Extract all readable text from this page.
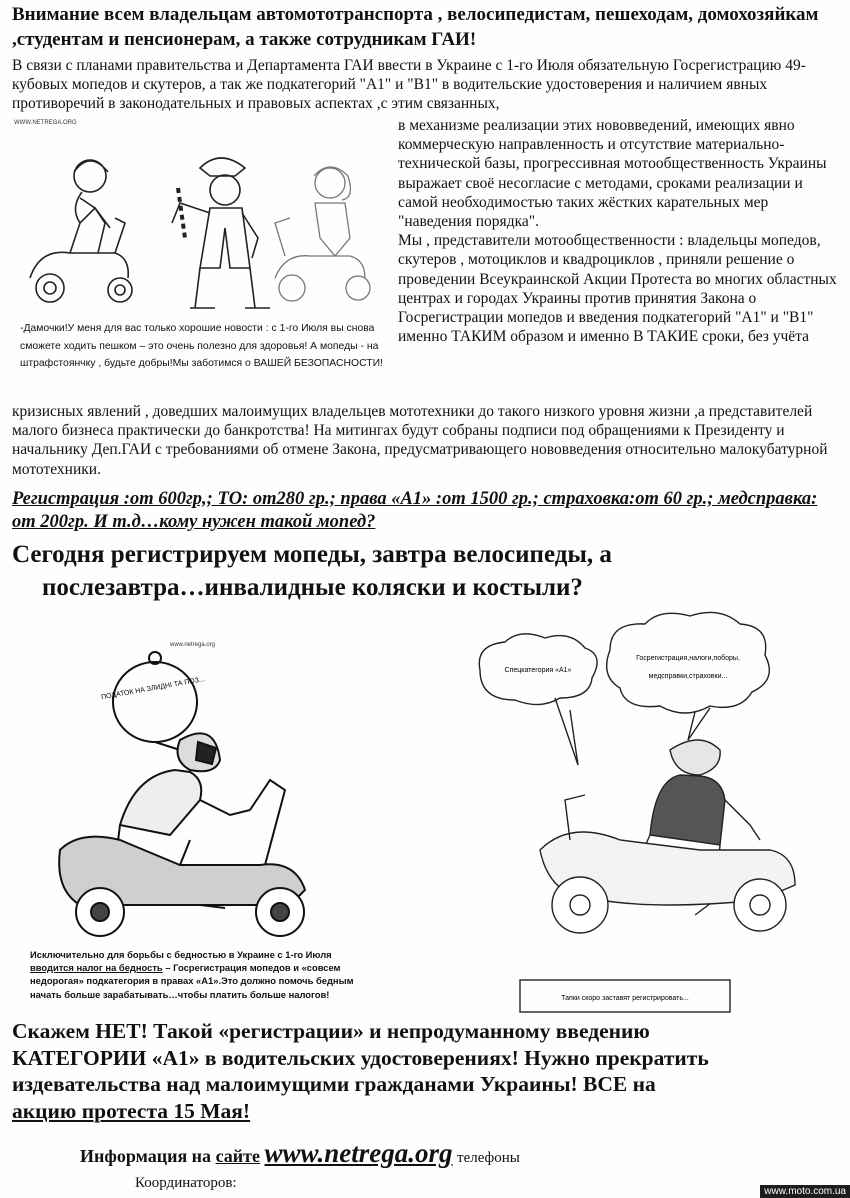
Внимание всем владельцам автомототранспорта , велосипедистам, пешеходам, домохозяйкам ,студентам и пенсионерам, а также сотрудникам ГАИ!
В связи с планами правительства и Департамента ГАИ ввести в Украине с 1-го Июля обязательную Госрегистрацию 49-кубовых мопедов и скутеров, а так же подкатегорий "А1" и "В1" в водительские удостоверения и наличием явных противоречий в законодательных и правовых аспектах ,с этим связанных,
в механизме реализации этих нововведений, имеющих явно коммерческую направленность и отсутствие материально-технической базы, прогрессивная мотообщественность Украины выражает своё несогласие с методами, сроками реализации и самой необходимостью таких жёстких карательных мер "наведения порядка".
Мы , представители мотообщественности : владельцы мопедов, скутеров , мотоциклов и квадроциклов , приняли решение о проведении Всеукраинской Акции Протеста во многих областных центрах и городах Украины против принятия Закона о Госрегистрации мопедов и введения подкатегорий "А1" и "В1" именно ТАКИМ образом и именно В ТАКИЕ сроки, без учёта
WWW.NETREGA.ORG
-Дамочки!У меня для вас только хорошие новости : с 1-го Июля вы снова сможете ходить пешком – это очень полезно для здоровья! А мопеды - на штрафстоянчку , будьте добры!Мы заботимся о ВАШЕЙ БЕЗОПАСНОСТИ!
кризисных явлений , доведших малоимущих владельцев мототехники до такого низкого уровня жизни ,а представителей малого бизнеса практически до банкротства! На митингах будут собраны подписи под обращениями к Президенту и начальнику Деп.ГАИ с требованиями об отмене Закона, предусматривающего нововведения относительно малокубатурной мототехники.
Регистрация :от 600гр,; ТО: от280 гр.; права «А1» :от 1500 гр.; страховка:от 60 гр.; медсправка: от 200гр. И т.д…кому нужен такой мопед?
Сегодня регистрируем мопеды, завтра велосипеды, а
послезавтра…инвалидные коляски и костыли?
www.netrega.org
ПОДАТОК НА ЗЛИДНІ ТА ПОЗ...
Исключительно для борьбы с бедностью в Украине с 1-го Июля вводится налог на бедность – Госрегистрация мопедов и «совсем недорогая» подкатегория в правах «А1».Это должно помочь бедным начать больше зарабатывать…чтобы платить больше налогов!
Спецкатегория «А1»
Госрегистрация,налоги,поборы,
медсправки,страховки...
Тапки скоро заставят регистрировать...
Скажем НЕТ! Такой «регистрации» и непродуманному введению
КАТЕГОРИИ «А1» в водительских удостоверениях! Нужно прекратить
издевательства над малоимущими гражданами Украины! ВСЕ на
акцию протеста 15 Мая!
Информация на сайте www.netrega.org телефоны
Координаторов:
www.moto.com.ua
